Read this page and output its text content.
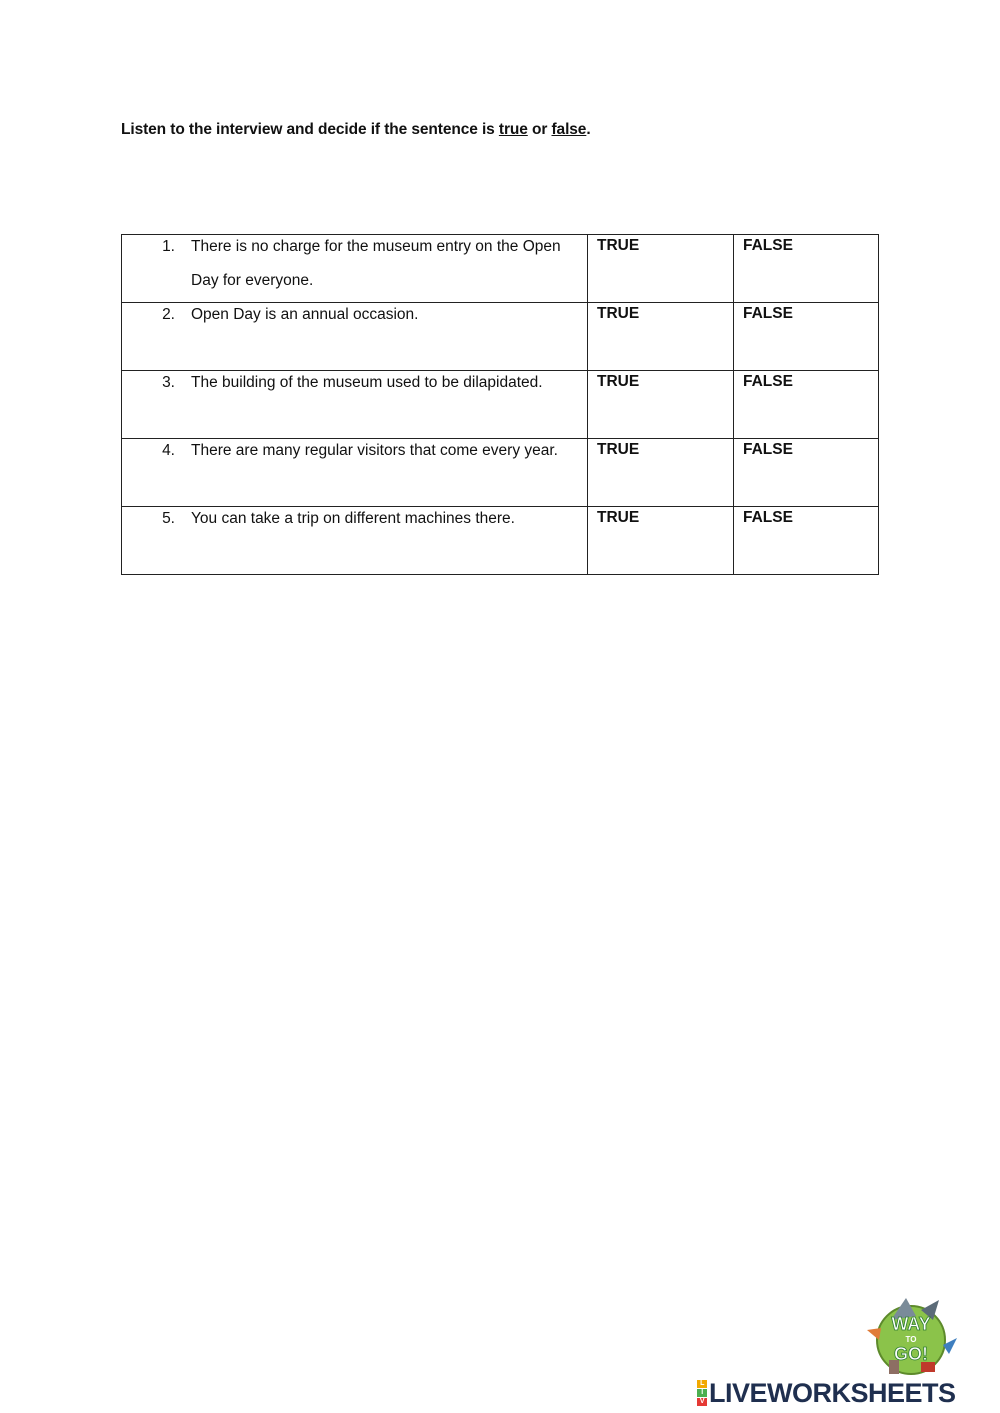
Listen to the interview and decide if the sentence is true or false.
1. There is no charge for the museum entry on the Open Day for everyone.	TRUE	FALSE

2. Open Day is an annual occasion.	TRUE	FALSE

3. The building of the museum used to be dilapidated.	TRUE	FALSE

4. There are many regular visitors that come every year.	TRUE	FALSE

5. You can take a trip on different machines there.	TRUE	FALSE
WAY
TO
GO!
L
I
V LIVEWORKSHEETS
